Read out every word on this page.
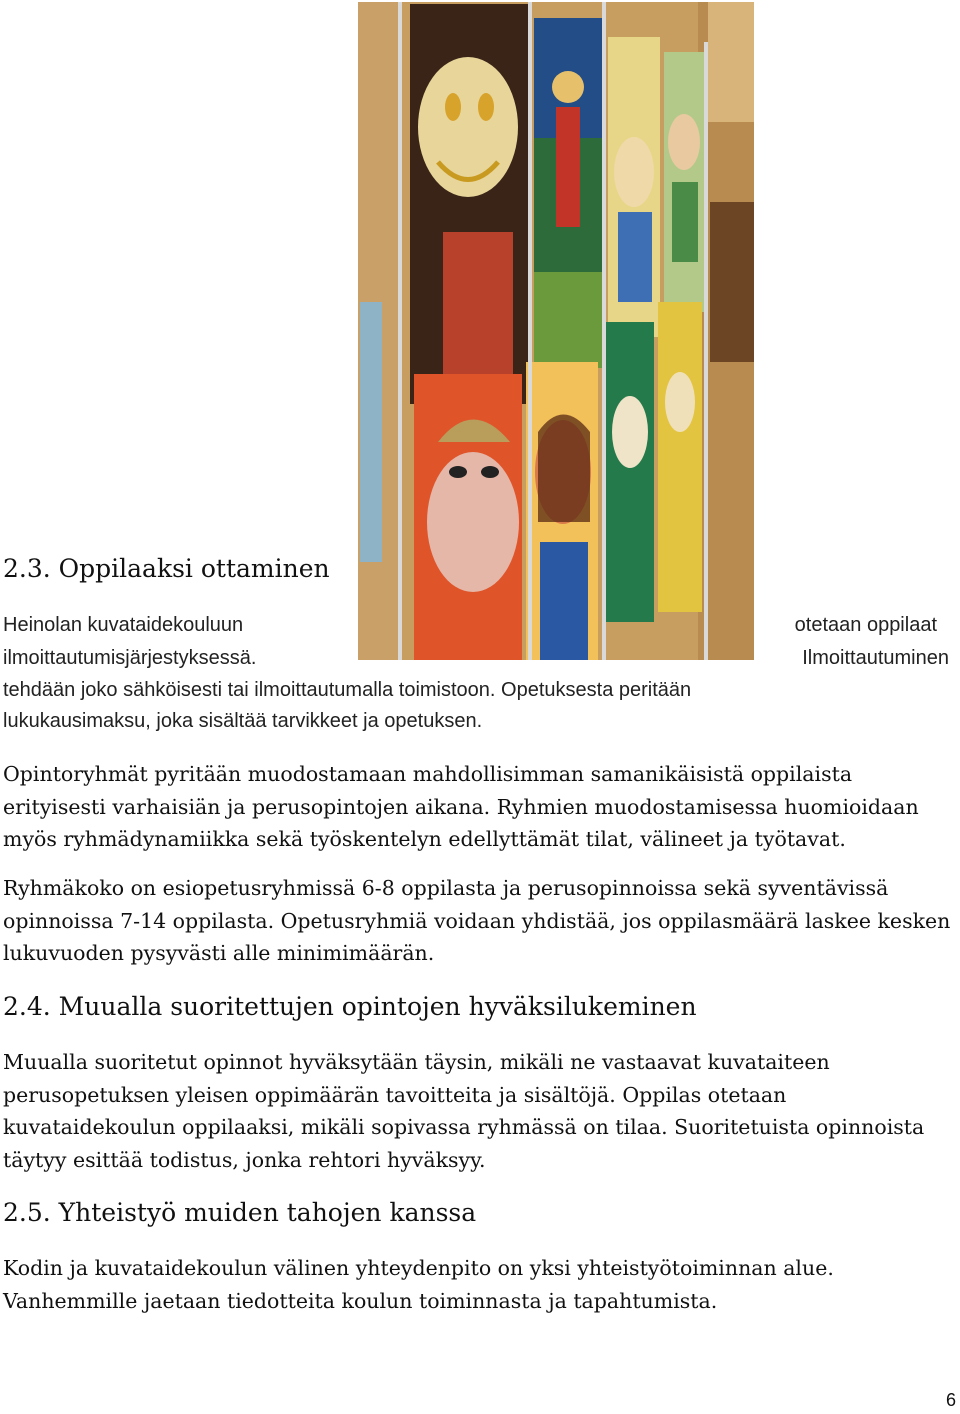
2.3. Oppilaaksi ottaminen
Heinolan kuvataidekouluun	otetaan oppilaat
ilmoittautumisjärjestyksessä.	Ilmoittautuminen
tehdään joko sähköisesti tai ilmoittautumalla toimistoon. Opetuksesta peritään
lukukausimaksu, joka sisältää tarvikkeet ja opetuksen.

Opintoryhmät pyritään muodostamaan mahdollisimman samanikäisistä oppilaista erityisesti varhaisiän ja perusopintojen aikana. Ryhmien muodostamisessa huomioidaan myös ryhmädynamiikka sekä työskentelyn edellyttämät tilat, välineet ja työtavat.

Ryhmäkoko on esiopetusryhmissä 6-8 oppilasta ja perusopinnoissa sekä syventävissä opinnoissa 7-14 oppilasta. Opetusryhmiä voidaan yhdistää, jos oppilasmäärä laskee kesken lukuvuoden pysyvästi alle minimimäärän.

2.4. Muualla suoritettujen opintojen hyväksilukeminen

Muualla suoritetut opinnot hyväksytään täysin, mikäli ne vastaavat kuvataiteen perusopetuksen yleisen oppimäärän tavoitteita ja sisältöjä. Oppilas otetaan kuvataidekoulun oppilaaksi, mikäli sopivassa ryhmässä on tilaa. Suoritetuista opinnoista täytyy esittää todistus, jonka rehtori hyväksyy.

2.5. Yhteistyö muiden tahojen kanssa

Kodin ja kuvataidekoulun välinen yhteydenpito on yksi yhteistyötoiminnan alue. Vanhemmille jaetaan tiedotteita koulun toiminnasta ja tapahtumista.

6
